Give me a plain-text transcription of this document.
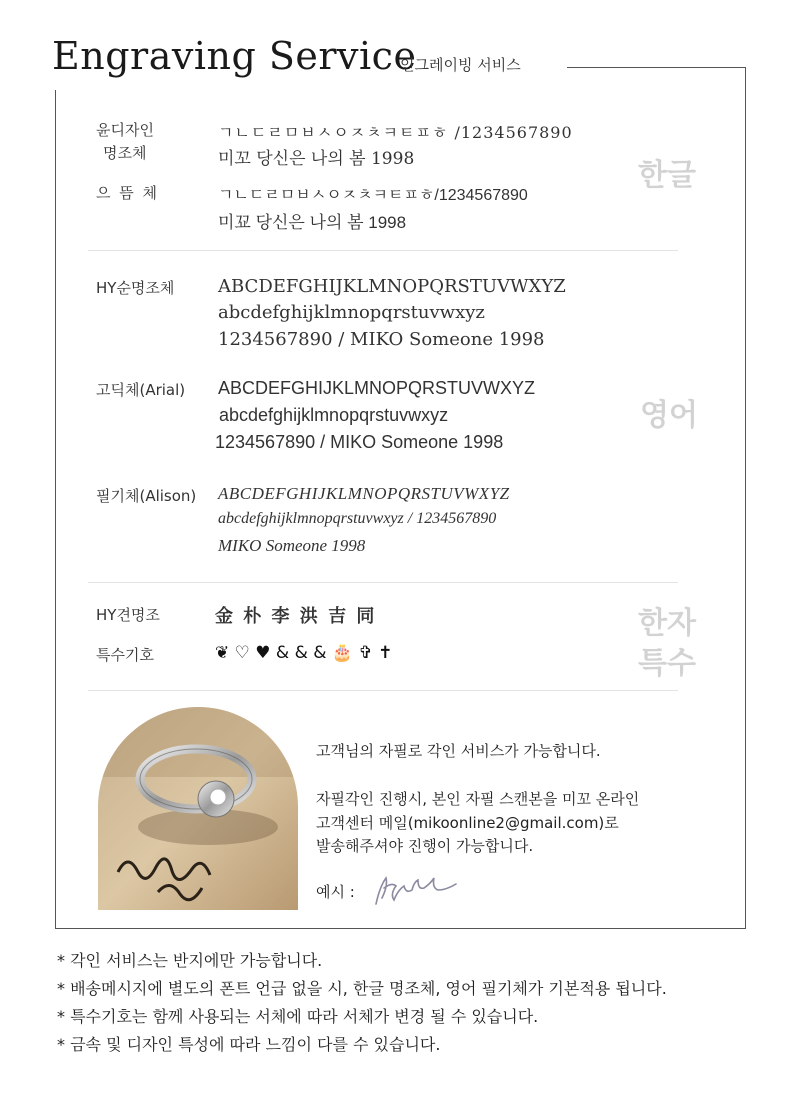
Engraving Service
인그레이빙 서비스
윤디자인
명조체
ㄱㄴㄷㄹㅁㅂㅅㅇㅈㅊㅋㅌㅍㅎ /1234567890
미꼬 당신은 나의 봄 1998
으 뜸 체	ㄱㄴㄷㄹㅁㅂㅅㅇㅈㅊㅋㅌㅍㅎ/1234567890
미꾜 당신은 나의 봄 1998
한글
HY순명조체 ABCDEFGHIJKLMNOPQRSTUVWXYZ
abcdefghijklmnopqrstuvwxyz
1234567890 / MIKO Someone 1998
고딕체(Arial) ABCDEFGHIJKLMNOPQRSTUVWXYZ
abcdefghijklmnopqrstuvwxyz
1234567890 / MIKO Someone 1998
필기체(Alison) ABCDEFGHIJKLMNOPQRSTUVWXYZ
abcdefghijklmnopqrstuvwxyz / 1234567890
MIKO Someone 1998
영어
HY견명조	金 朴 李 洪 吉 同
특수기호	❦ ♡ ♥ & & & 🎂 ✞ ✝
한자
특수
고객님의 자필로 각인 서비스가 가능합니다.
자필각인 진행시, 본인 자필 스캔본을 미꼬 온라인
고객센터 메일(mikoonline2@gmail.com)로
발송해주셔야 진행이 가능합니다.
예시 :
* 각인 서비스는 반지에만 가능합니다.
* 배송메시지에 별도의 폰트 언급 없을 시, 한글 명조체, 영어 필기체가 기본적용 됩니다.
* 특수기호는 함께 사용되는 서체에 따라 서체가 변경 될 수 있습니다.
* 금속 및 디자인 특성에 따라 느낌이 다를 수 있습니다.
